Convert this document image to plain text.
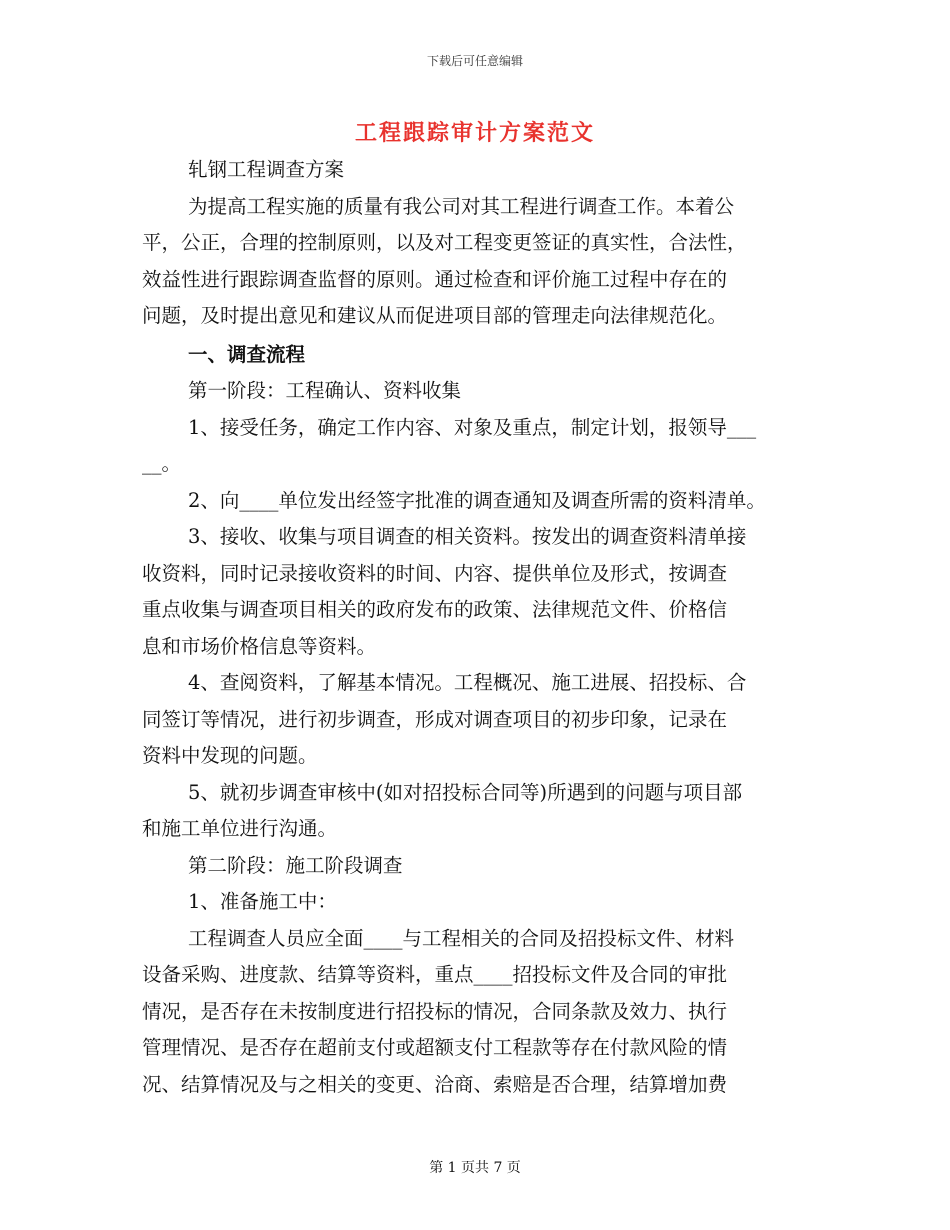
下载后可任意编辑
工程跟踪审计方案范文
轧钢工程调查方案
为提高工程实施的质量有我公司对其工程进行调查工作。本着公
平，公正，合理的控制原则，以及对工程变更签证的真实性，合法性，
效益性进行跟踪调查监督的原则。通过检查和评价施工过程中存在的
问题，及时提出意见和建议从而促进项目部的管理走向法律规范化。
一、调查流程
第一阶段：工程确认、资料收集
1、接受任务，确定工作内容、对象及重点，制定计划，报领导___
__。
2、向____单位发出经签字批准的调查通知及调查所需的资料清单。
3、接收、收集与项目调查的相关资料。按发出的调查资料清单接
收资料，同时记录接收资料的时间、内容、提供单位及形式，按调查
重点收集与调查项目相关的政府发布的政策、法律规范文件、价格信
息和市场价格信息等资料。
4、查阅资料，了解基本情况。工程概况、施工进展、招投标、合
同签订等情况，进行初步调查，形成对调查项目的初步印象，记录在
资料中发现的问题。
5、就初步调查审核中(如对招投标合同等)所遇到的问题与项目部
和施工单位进行沟通。
第二阶段：施工阶段调查
1、准备施工中：
工程调查人员应全面____与工程相关的合同及招投标文件、材料
设备采购、进度款、结算等资料，重点____招投标文件及合同的审批
情况，是否存在未按制度进行招投标的情况，合同条款及效力、执行
管理情况、是否存在超前支付或超额支付工程款等存在付款风险的情
况、结算情况及与之相关的变更、洽商、索赔是否合理，结算增加费
第 1 页共 7 页
